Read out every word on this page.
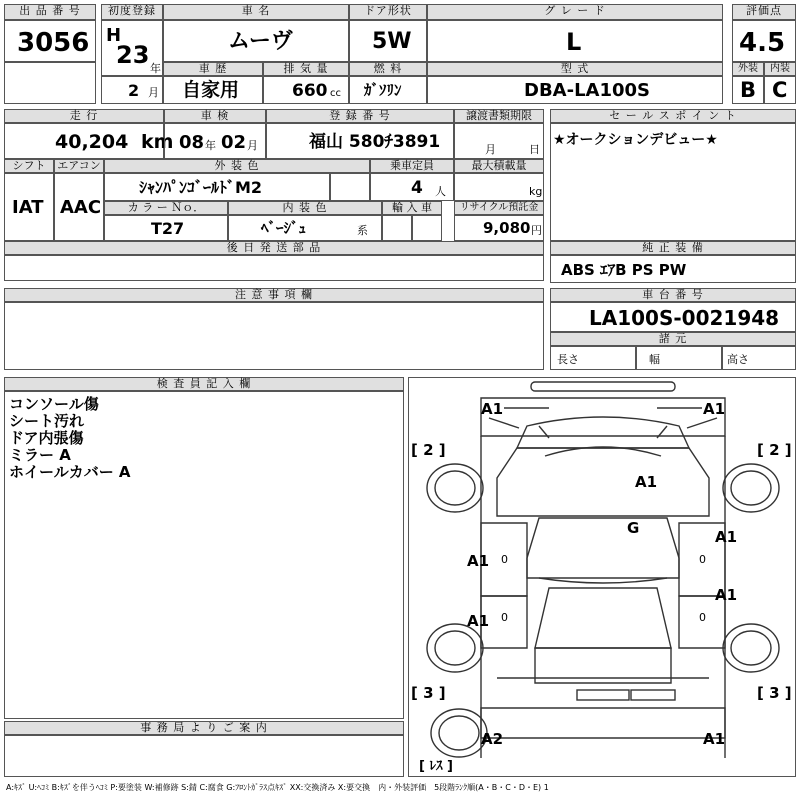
出 品 番 号
3056
初度登録
H
23 年
2 月
車 名
ムーヴ
ドア形状
5W
グ レ ー ド
L
評価点
4.5
車 歴
自家用
排 気 量
660 cc
燃 料
ｶﾞｿﾘﾝ
型 式
DBA-LA100S
外装	内装
B C
走 行
40,204 km
車 検
08 年 02 月
登 録 番 号
福山 580ﾁ3891
譲渡書類期限
月	日
シフト	エアコン
IAT AAC
外 装 色
ｼｬﾝﾊﾟﾝｺﾞｰﾙﾄﾞM2
乗車定員
4 人
最大積載量
kg
カ ラ ー Ｎｏ．
T27
内 装 色
ﾍﾞｰｼﾞｭ	系
輸 入 車	リサイクル預託金
9,080 円
後 日 発 送 部 品
セ ー ル ス ポ イ ン ト
★オークションデビュー★
純 正 装 備
ABS ｴｱB PS PW
注 意 事 項 欄	車 台 番 号
LA100S-0021948
諸 元
長さ	幅	高さ
検 査 員 記 入 欄
コンソール傷
シート汚れ
ドア内張傷
ミラー A
ホイールカバー A
事 務 局 よ り ご 案 内
A1	A1
[ 2 ]	[ 2 ]
A1
G
A1 0
A1
0
A1 0
A1
0
[ 3 ]	[ 3 ]
A2	A1
[ ﾚｽ ]
A:ｷｽﾞ U:ﾍｺﾐ B:ｷｽﾞを伴うﾍｺﾐ P:要塗装 W:補修跡 S:錆 C:腐食 G:ﾌﾛﾝﾄｶﾞﾗｽ点ｷｽﾞ XX:交換済み X:要交換　内・外装評価　5段階ﾗﾝｸ順(A・B・C・D・E) 1
